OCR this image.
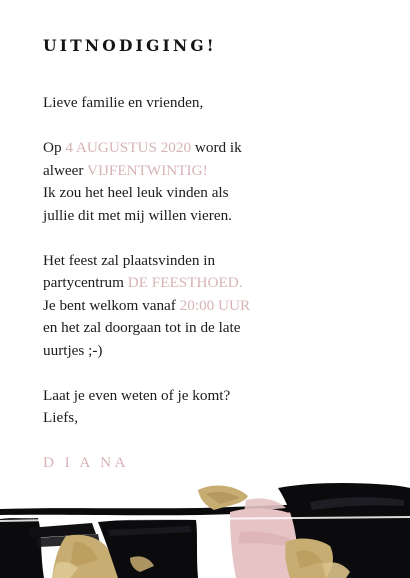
UITNODIGING!
Lieve familie en vrienden,
Op 4 AUGUSTUS 2020 word ik
alweer VIJFENTWINTIG!
Ik zou het heel leuk vinden als
jullie dit met mij willen vieren.
Het feest zal plaatsvinden in
partycentrum DE FEESTHOED.
Je bent welkom vanaf 20:00 UUR
en het zal doorgaan tot in de late
uurtjes ;-)
Laat je even weten of je komt?
Liefs,
D I A NA
